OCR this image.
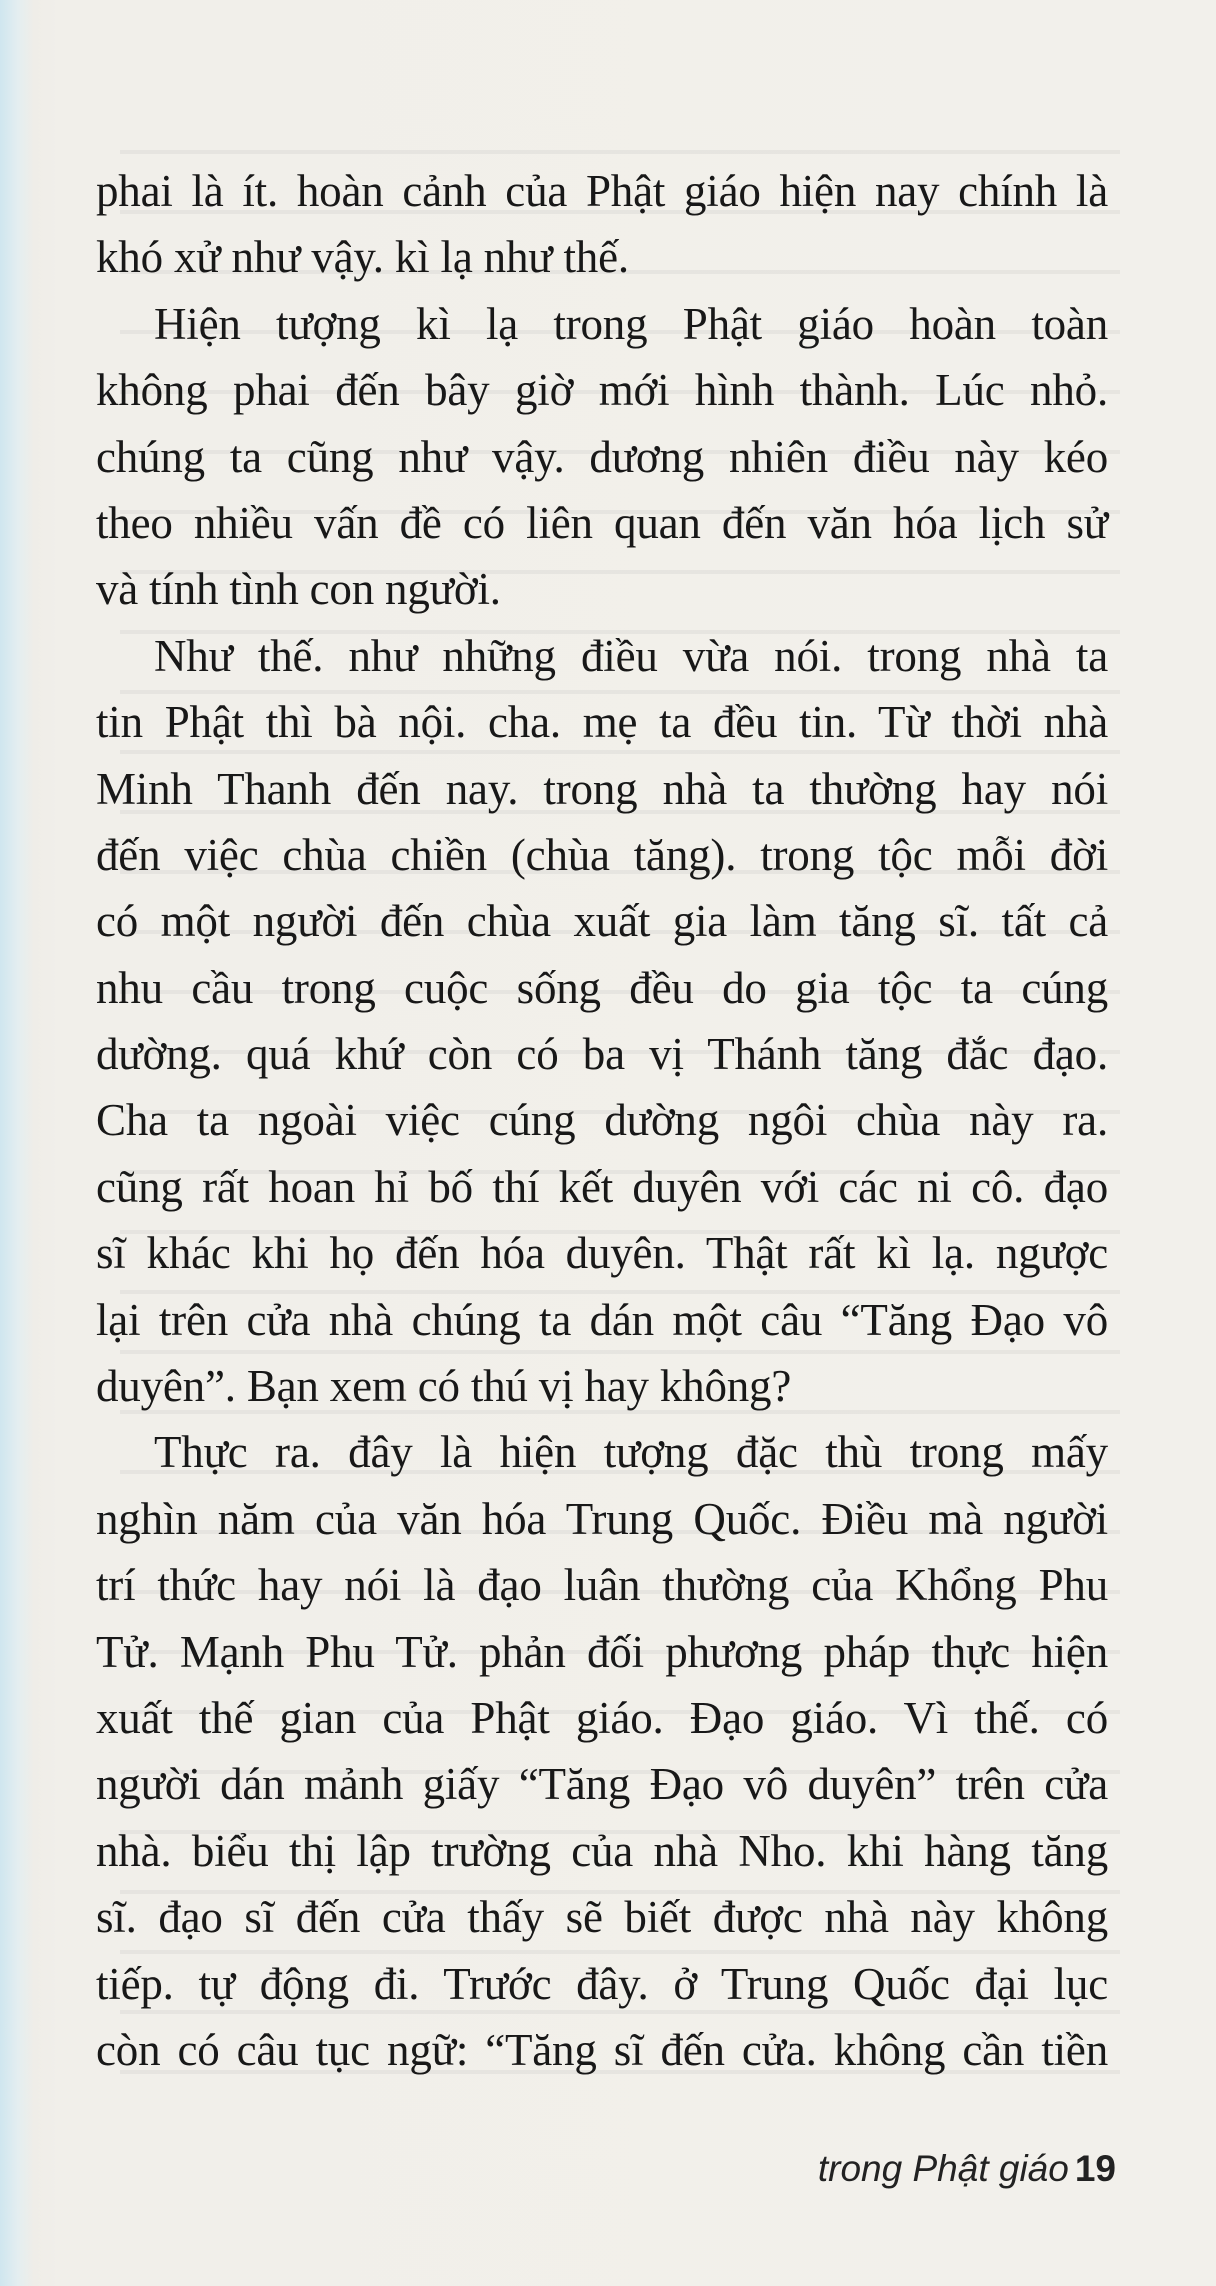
phai là ít. hoàn cảnh của Phật giáo hiện nay chính là
khó xử như vậy. kì lạ như thế.
Hiện tượng kì lạ trong Phật giáo hoàn toàn
không phai đến bây giờ mới hình thành. Lúc nhỏ.
chúng ta cũng như vậy. dương nhiên điều này kéo
theo nhiều vấn đề có liên quan đến văn hóa lịch sử
và tính tình con người.
Như thế. như những điều vừa nói. trong nhà ta
tin Phật thì bà nội. cha. mẹ ta đều tin. Từ thời nhà
Minh Thanh đến nay. trong nhà ta thường hay nói
đến việc chùa chiền (chùa tăng). trong tộc mỗi đời
có một người đến chùa xuất gia làm tăng sĩ. tất cả
nhu cầu trong cuộc sống đều do gia tộc ta cúng
dường. quá khứ còn có ba vị Thánh tăng đắc đạo.
Cha ta ngoài việc cúng dường ngôi chùa này ra.
cũng rất hoan hỉ bố thí kết duyên với các ni cô. đạo
sĩ khác khi họ đến hóa duyên. Thật rất kì lạ. ngược
lại trên cửa nhà chúng ta dán một câu “Tăng Đạo vô
duyên”. Bạn xem có thú vị hay không?
Thực ra. đây là hiện tượng đặc thù trong mấy
nghìn năm của văn hóa Trung Quốc. Điều mà người
trí thức hay nói là đạo luân thường của Khổng Phu
Tử. Mạnh Phu Tử. phản đối phương pháp thực hiện
xuất thế gian của Phật giáo. Đạo giáo. Vì thế. có
người dán mảnh giấy “Tăng Đạo vô duyên” trên cửa
nhà. biểu thị lập trường của nhà Nho. khi hàng tăng
sĩ. đạo sĩ đến cửa thấy sẽ biết được nhà này không
tiếp. tự động đi. Trước đây. ở Trung Quốc đại lục
còn có câu tục ngữ: “Tăng sĩ đến cửa. không cần tiền
trong Phật giáo 19
